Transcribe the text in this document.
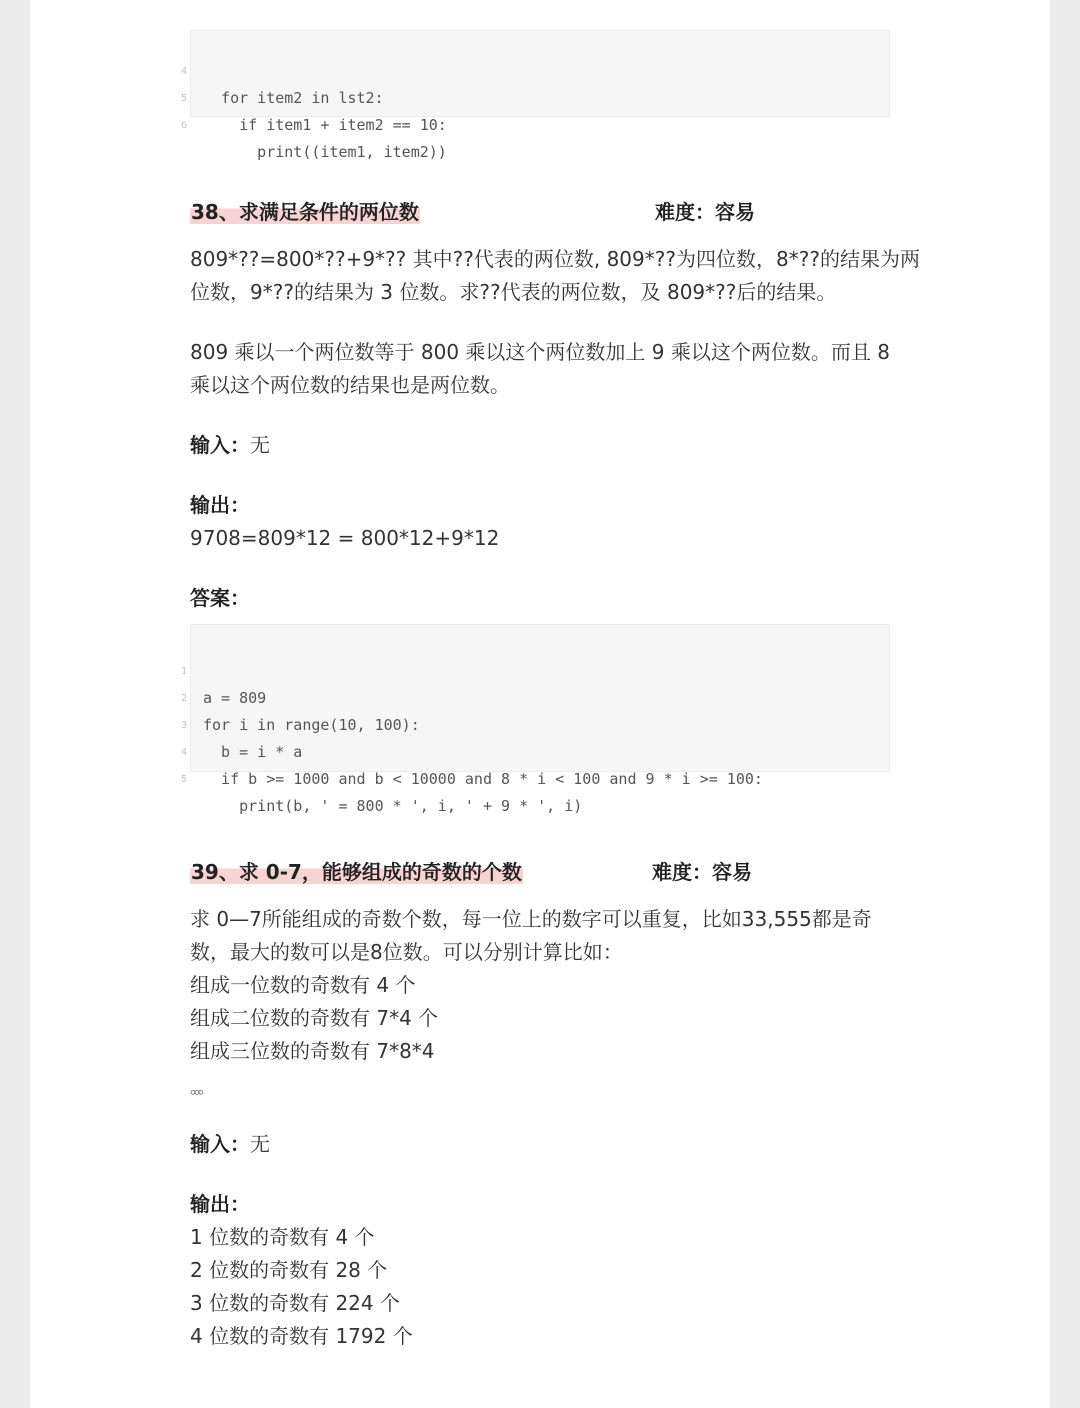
4

for item2 in lst2:

5

if item1 + item2 == 10:

6

print((item1, item2))

38、求满足条件的两位数	难度：容易
809*??=800*??+9*?? 其中??代表的两位数, 809*??为四位数，8*??的结果为两
位数，9*??的结果为 3 位数。求??代表的两位数，及 809*??后的结果。
809 乘以一个两位数等于 800 乘以这个两位数加上 9 乘以这个两位数。而且 8
乘以这个两位数的结果也是两位数。
输入：无
输出：
9708=809*12 = 800*12+9*12
答案：

1

a = 809

2

for i in range(10, 100):

3

b = i * a

4

if b >= 1000 and b < 10000 and 8 * i < 100 and 9 * i >= 100:

5

print(b, ' = 800 * ', i, ' + 9 * ', i)

39、求 0-7，能够组成的奇数的个数	难度：容易
求 0—7所能组成的奇数个数，每一位上的数字可以重复，比如33,555都是奇
数，最大的数可以是8位数。可以分别计算比如：
组成一位数的奇数有 4 个
组成二位数的奇数有 7*4 个
组成三位数的奇数有 7*8*4
。。。
输入：无
输出：
1 位数的奇数有 4 个
2 位数的奇数有 28 个
3 位数的奇数有 224 个
4 位数的奇数有 1792 个
